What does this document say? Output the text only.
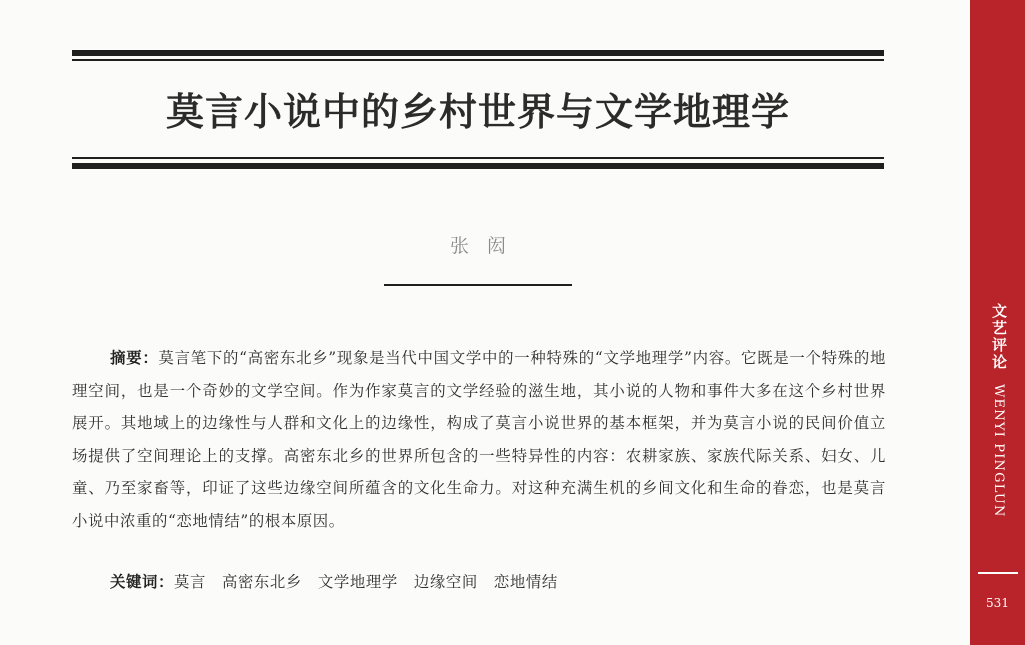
莫言小说中的乡村世界与文学地理学
张闳
摘要：莫言笔下的“高密东北乡”现象是当代中国文学中的一种特殊的“文学地理学”内容。它既是一个特殊的地理空间，也是一个奇妙的文学空间。作为作家莫言的文学经验的滋生地，其小说的人物和事件大多在这个乡村世界展开。其地域上的边缘性与人群和文化上的边缘性，构成了莫言小说世界的基本框架，并为莫言小说的民间价值立场提供了空间理论上的支撑。高密东北乡的世界所包含的一些特异性的内容：农耕家族、家族代际关系、妇女、儿童、乃至家畜等，印证了这些边缘空间所蕴含的文化生命力。对这种充满生机的乡间文化和生命的眷恋，也是莫言小说中浓重的“恋地情结”的根本原因。
关键词：莫言 高密东北乡 文学地理学 边缘空间 恋地情结
文艺评论
WENYI PINGLUN
531
